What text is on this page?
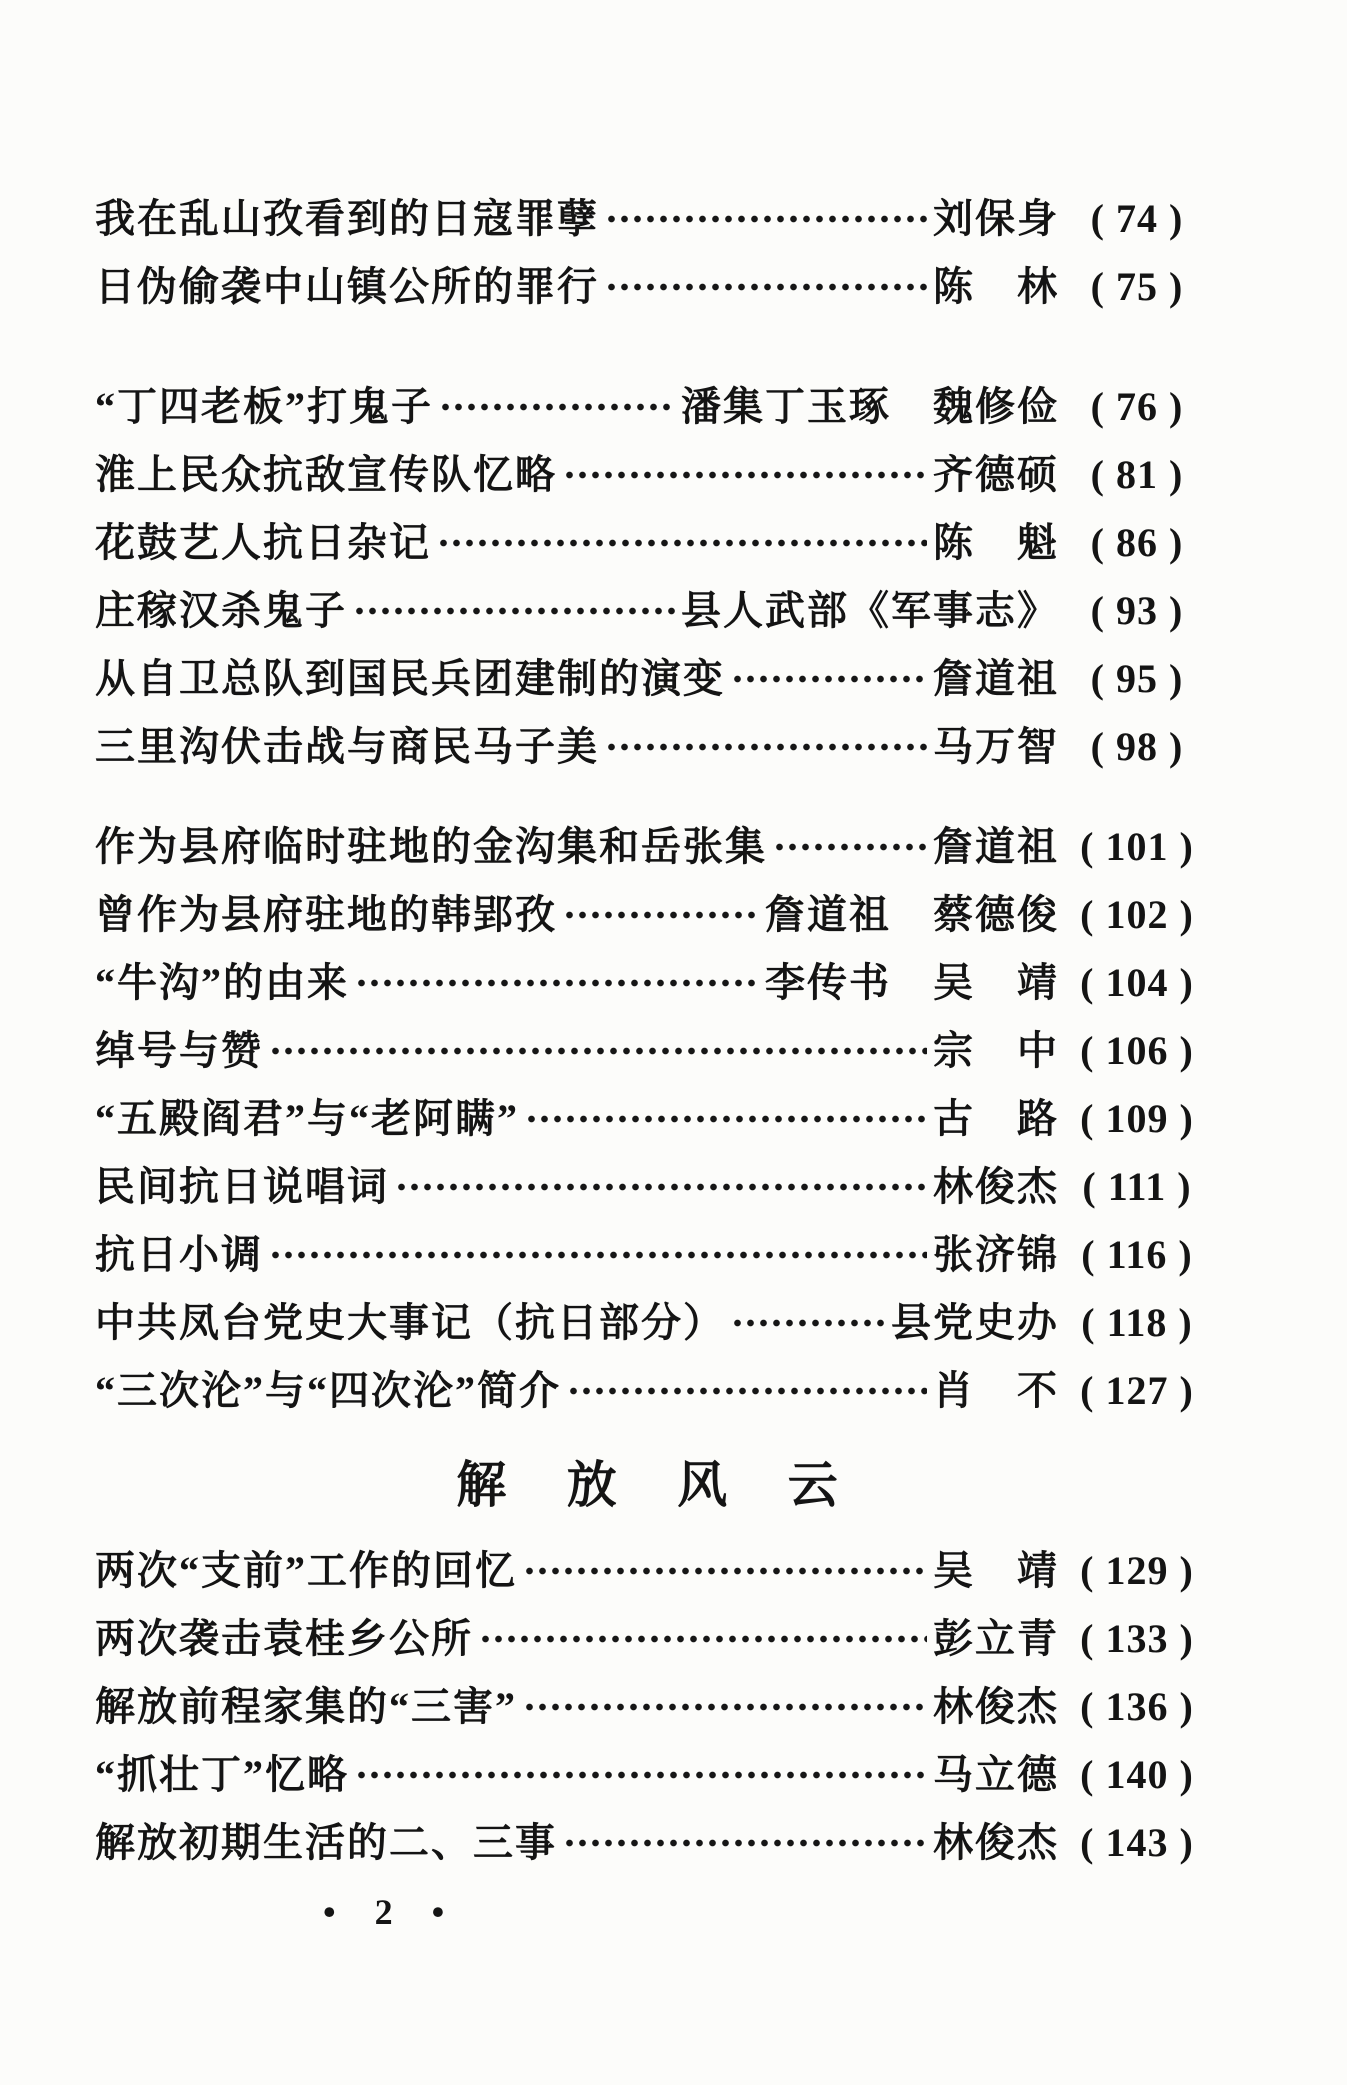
我在乱山孜看到的日寇罪孽	刘保身 ( 74 )
日伪偷袭中山镇公所的罪行	陈　林 ( 75 )
“丁四老板”打鬼子	潘集丁玉琢　魏修俭 ( 76 )
淮上民众抗敌宣传队忆略	齐德硕 ( 81 )
花鼓艺人抗日杂记	陈　魁 ( 86 )
庄稼汉杀鬼子	县人武部《军事志》 ( 93 )
从自卫总队到国民兵团建制的演变	詹道祖 ( 95 )
三里沟伏击战与商民马子美	马万智 ( 98 )
作为县府临时驻地的金沟集和岳张集	詹道祖 ( 101 )
曾作为县府驻地的韩郢孜	詹道祖　蔡德俊 ( 102 )
“牛沟”的由来	李传书　吴　靖 ( 104 )
绰号与赞	宗　中 ( 106 )
“五殿阎君”与“老阿瞒”	古　路 ( 109 )
民间抗日说唱词	林俊杰 ( 111 )
抗日小调	张济锦 ( 116 )
中共凤台党史大事记（抗日部分）	县党史办 ( 118 )
“三次沦”与“四次沦”简介	肖　不 ( 127 )
解 放 风 云
两次“支前”工作的回忆	吴　靖 ( 129 )
两次袭击袁桂乡公所	彭立青 ( 133 )
解放前程家集的“三害”	林俊杰 ( 136 )
“抓壮丁”忆略	马立德 ( 140 )
解放初期生活的二、三事	林俊杰 ( 143 )
• 2 •
